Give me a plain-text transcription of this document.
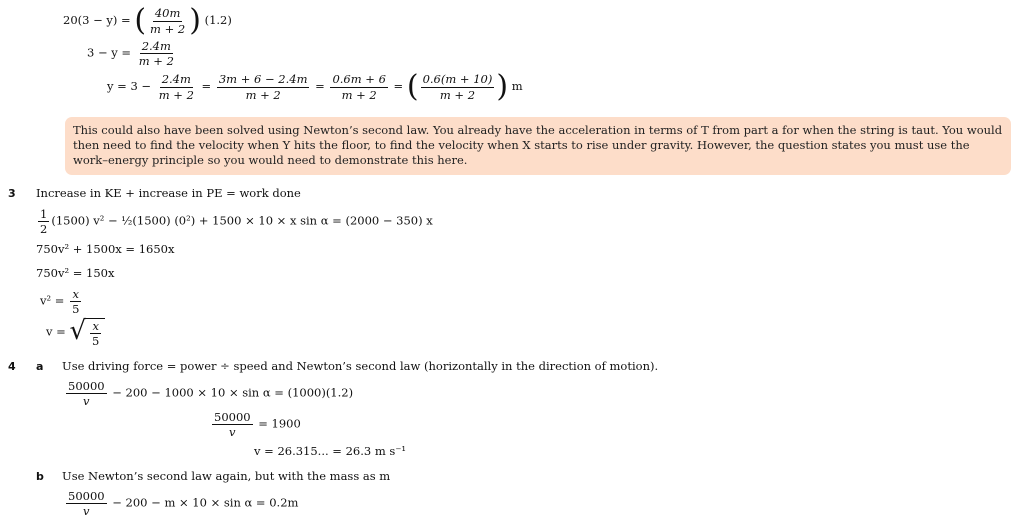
20(3 − y) = ( $\frac{40m}{m + 2}$ ) (1.2)
$3 - y = \frac{2.4m}{m + 2}$
$y = 3 - \frac{2.4m}{m + 2} = \frac{3m + 6 - 2.4m}{m + 2} = \frac{0.6m + 6}{m + 2}$ = ( $\frac{0.6(m + 10)}{m + 2}$ ) m
This could also have been solved using Newton’s second law. You already have the acceleration in terms of T from part a for when the string is taut. You would then need to find the velocity when Y hits the floor, to find the velocity when X starts to rise under gravity. However, the question states you must use the work–energy principle so you would need to demonstrate this here.
3 Increase in KE + increase in PE = work done
$\frac{1}{2} (1500) v^2$ − ½(1500) (0²) + 1500 × 10 × x sin α = (2000 − 350) x
750v² + 1500x = 1650x
750v² = 150x
$v^2 = \frac{x}{5}$
v = √ $\frac{x}{5}$
4 a Use driving force = power ÷ speed and Newton’s second law (horizontally in the direction of motion).
$\frac{50000}{v} - 200 - 1000 \times 10 \times \sin \alpha = (1000)(1.2)$
$\frac{50000}{v} = 1900$
v = 26.315... = 26.3 m s⁻¹
b Use Newton’s second law again, but with the mass as m
$\frac{50000}{v} - 200 - m \times 10 \times \sin \alpha = 0.2m$
